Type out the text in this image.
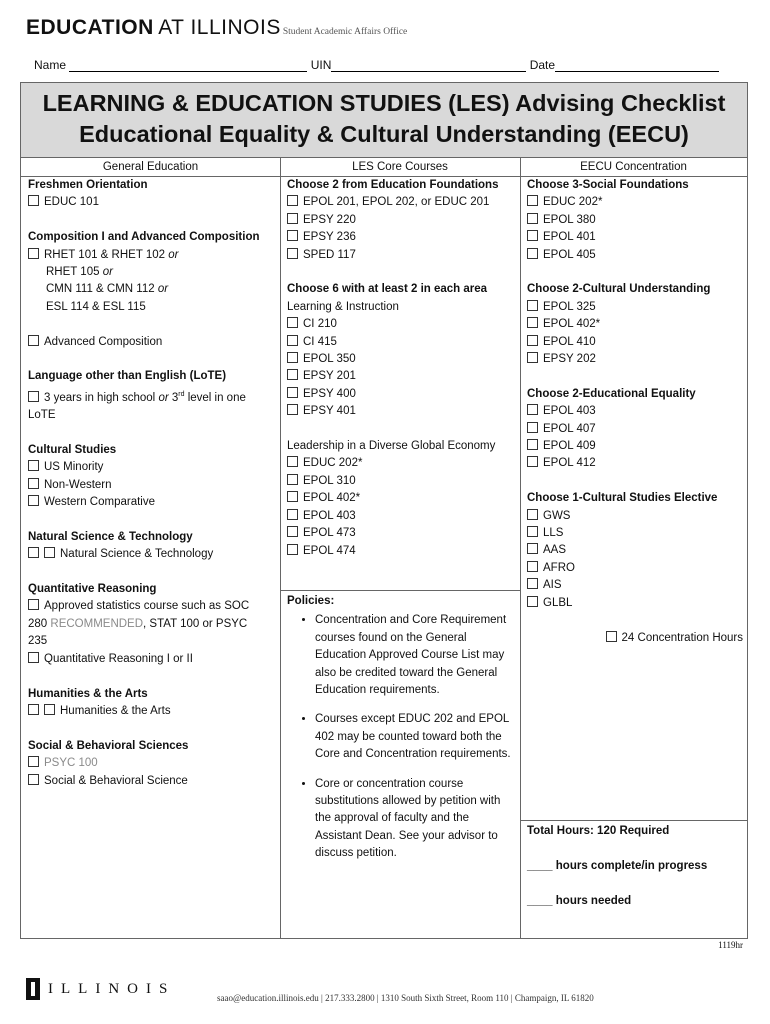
EDUCATION AT ILLINOIS Student Academic Affairs Office
Name	UIN	Date
LEARNING & EDUCATION STUDIES (LES) Advising Checklist
Educational Equality & Cultural Understanding (EECU)
General Education	LES Core Courses	EECU Concentration
Freshmen Orientation
EDUC 101
Composition I and Advanced Composition
RHET 101 & RHET 102 or
RHET 105 or
CMN 111 & CMN 112 or
ESL 114 & ESL 115
Advanced Composition
Language other than English (LoTE)
3 years in high school or 3rd level in one
LoTE
Cultural Studies
US Minority
Non-Western
Western Comparative
Natural Science & Technology
Natural Science & Technology
Quantitative Reasoning
Approved statistics course such as SOC
280 RECOMMENDED, STAT 100 or PSYC
235
Quantitative Reasoning I or II
Humanities & the Arts
Humanities & the Arts
Social & Behavioral Sciences
PSYC 100
Social & Behavioral Science
Choose 2 from Education Foundations
EPOL 201, EPOL 202, or EDUC 201
EPSY 220
EPSY 236
SPED 117
Choose 6 with at least 2 in each area
Learning & Instruction
CI 210
CI 415
EPOL 350
EPSY 201
EPSY 400
EPSY 401
Leadership in a Diverse Global Economy
EDUC 202*
EPOL 310
EPOL 402*
EPOL 403
EPOL 473
EPOL 474
Policies:
• Concentration and Core Requirement courses found on the General Education Approved Course List may also be credited toward the General Education requirements.
• Courses except EDUC 202 and EPOL 402 may be counted toward both the Core and Concentration requirements.
• Core or concentration course substitutions allowed by petition with the approval of faculty and the Assistant Dean. See your advisor to discuss petition.
Choose 3-Social Foundations
EDUC 202*
EPOL 380
EPOL 401
EPOL 405
Choose 2-Cultural Understanding
EPOL 325
EPOL 402*
EPOL 410
EPSY 202
Choose 2-Educational Equality
EPOL 403
EPOL 407
EPOL 409
EPOL 412
Choose 1-Cultural Studies Elective
GWS
LLS
AAS
AFRO
AIS
GLBL
24 Concentration Hours
Total Hours: 120 Required
____ hours complete/in progress
____ hours needed
1119hr
ILLINOIS
saao@education.illinois.edu | 217.333.2800 | 1310 South Sixth Street, Room 110 | Champaign, IL 61820
